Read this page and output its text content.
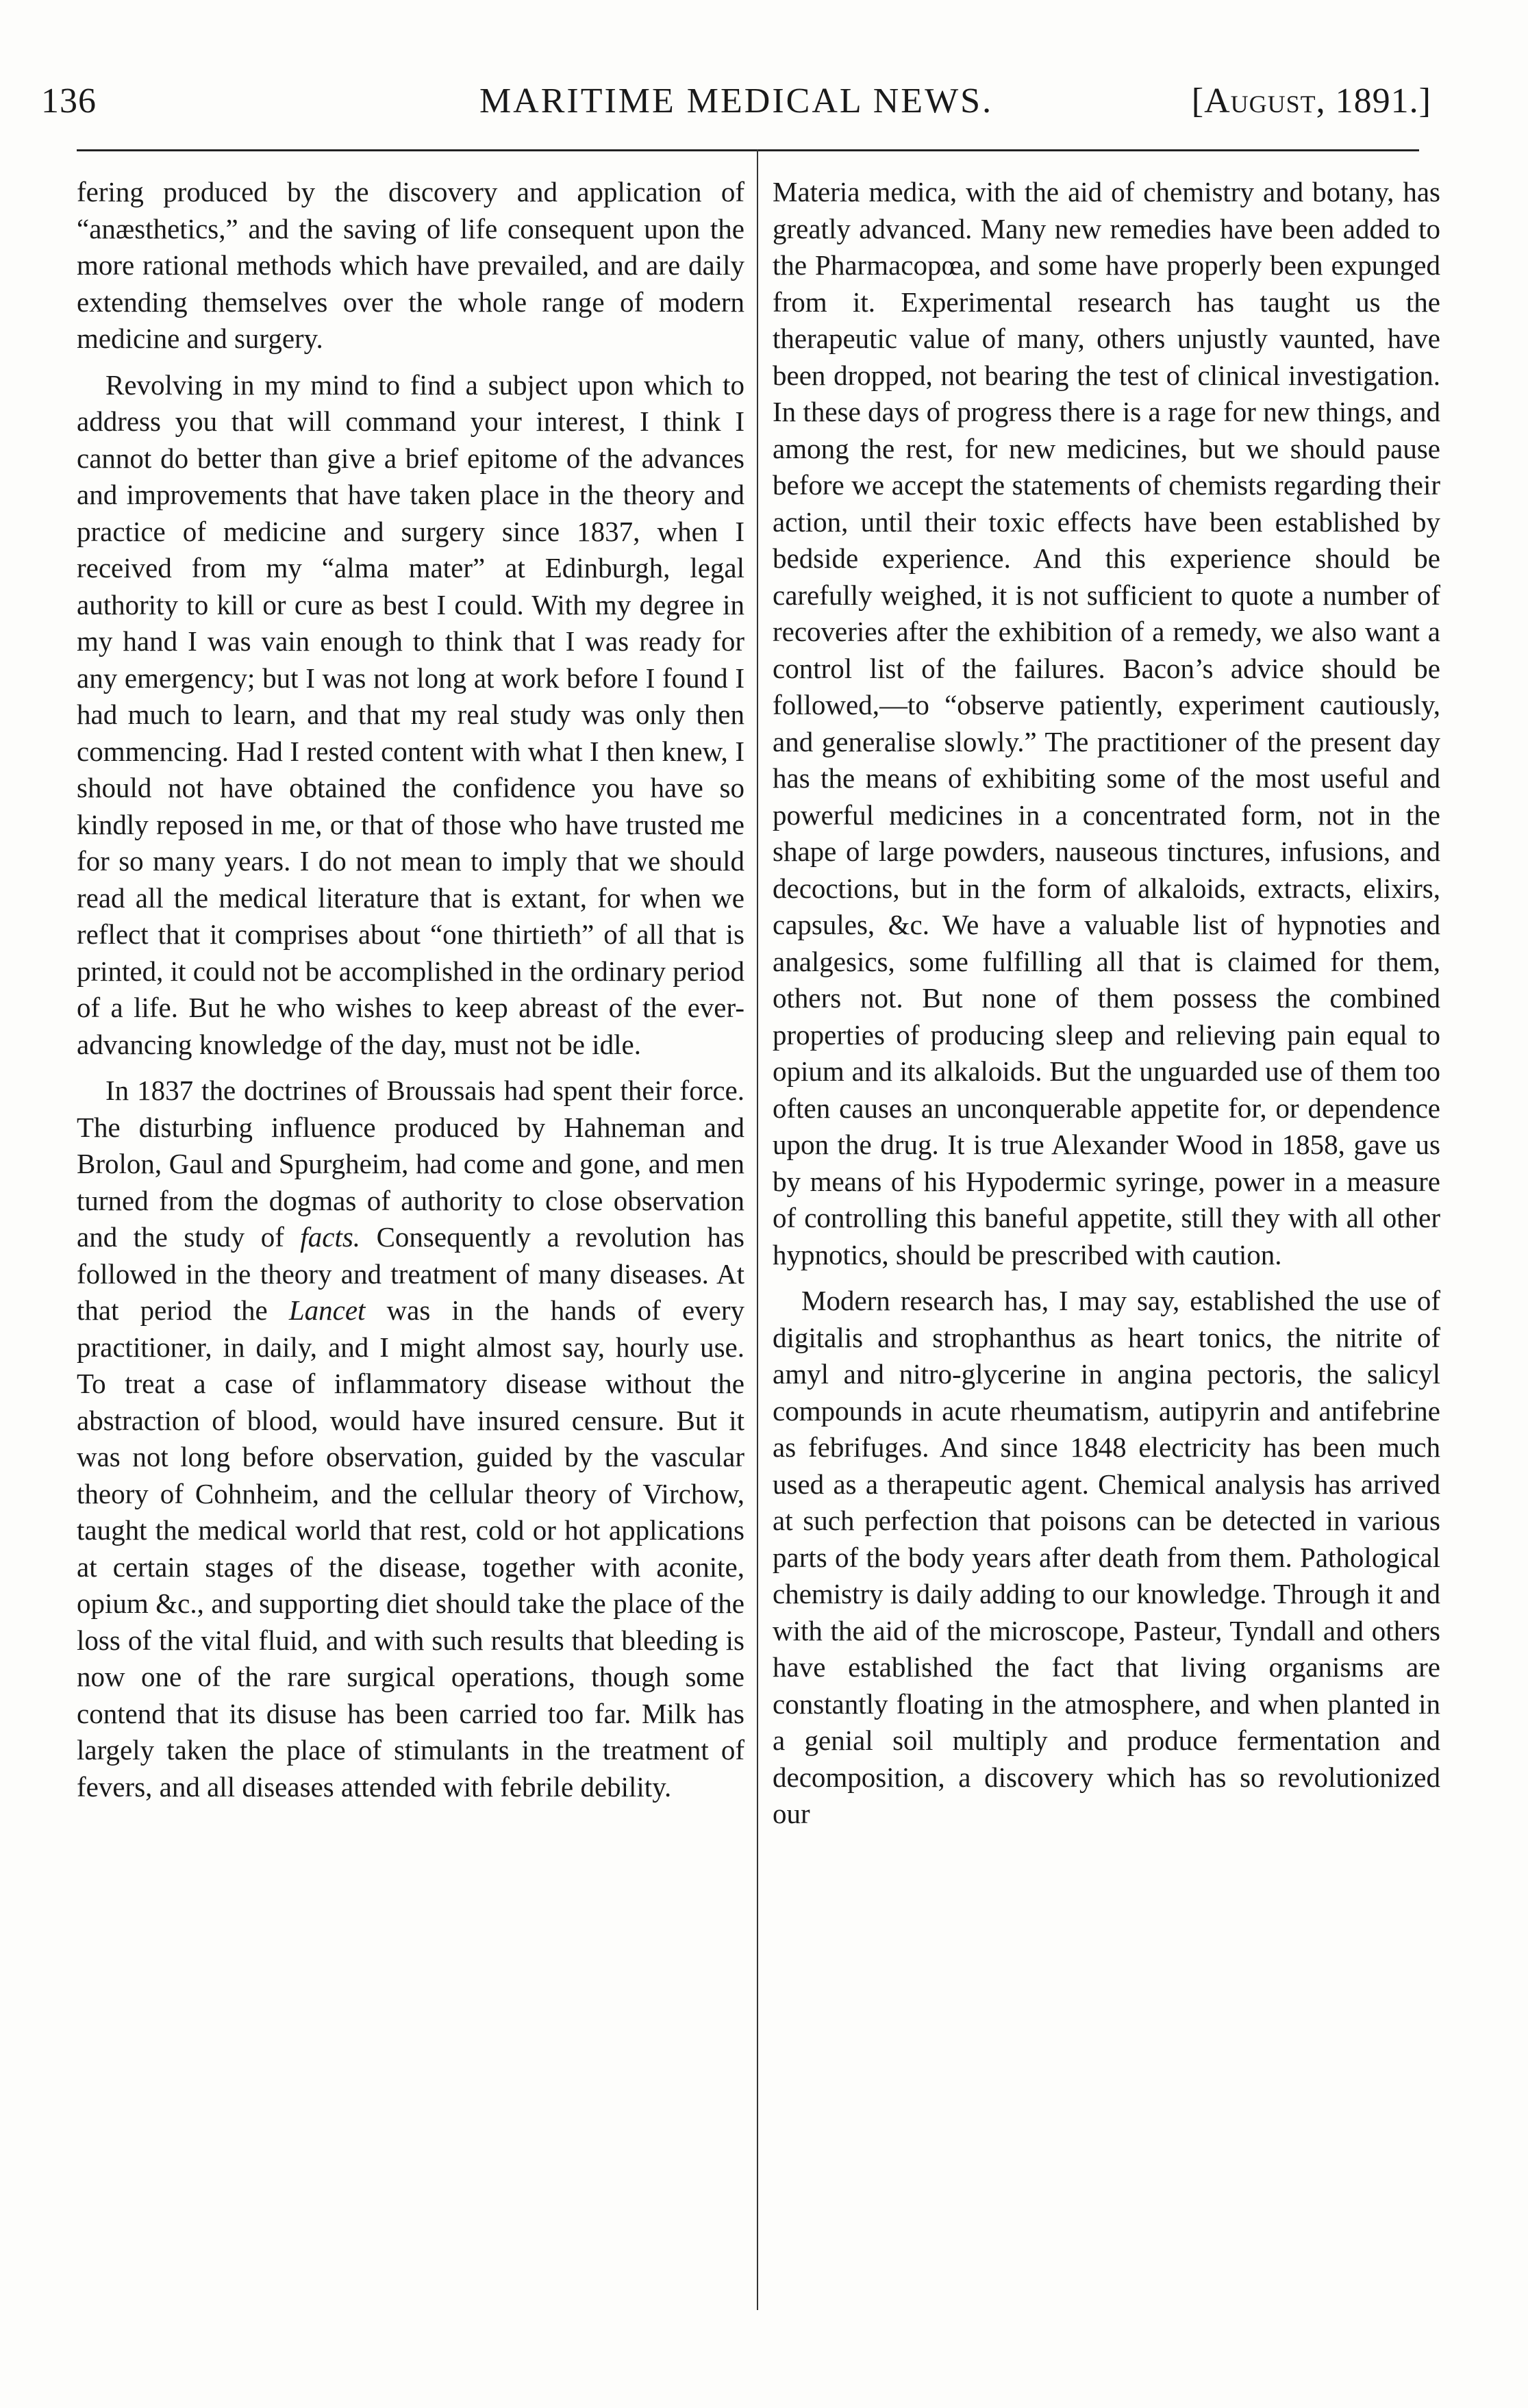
136	MARITIME MEDICAL NEWS.	[August, 1891.]

fering produced by the discovery and application of “anæsthetics,” and the saving of life consequent upon the more rational methods which have prevailed, and are daily extending themselves over the whole range of modern medicine and surgery.

Revolving in my mind to find a subject upon which to address you that will command your interest, I think I cannot do better than give a brief epitome of the advances and improvements that have taken place in the theory and practice of medicine and surgery since 1837, when I received from my “alma mater” at Edinburgh, legal authority to kill or cure as best I could. With my degree in my hand I was vain enough to think that I was ready for any emergency; but I was not long at work before I found I had much to learn, and that my real study was only then commencing. Had I rested content with what I then knew, I should not have obtained the confidence you have so kindly reposed in me, or that of those who have trusted me for so many years. I do not mean to imply that we should read all the medical literature that is extant, for when we reflect that it comprises about “one thirtieth” of all that is printed, it could not be accomplished in the ordinary period of a life. But he who wishes to keep abreast of the ever-advancing knowledge of the day, must not be idle.

In 1837 the doctrines of Broussais had spent their force. The disturbing influence produced by Hahneman and Brolon, Gaul and Spurgheim, had come and gone, and men turned from the dogmas of authority to close observation and the study of facts. Consequently a revolution has followed in the theory and treatment of many diseases. At that period the Lancet was in the hands of every practitioner, in daily, and I might almost say, hourly use. To treat a case of inflammatory disease without the abstraction of blood, would have insured censure. But it was not long before observation, guided by the vascular theory of Cohnheim, and the cellular theory of Virchow, taught the medical world that rest, cold or hot applications at certain stages of the disease, together with aconite, opium &c., and supporting diet should take the place of the loss of the vital fluid, and with such results that bleeding is now one of the rare surgical operations, though some contend that its disuse has been carried too far. Milk has largely taken the place of stimulants in the treatment of fevers, and all diseases attended with febrile debility.

Materia medica, with the aid of chemistry and botany, has greatly advanced. Many new remedies have been added to the Pharmacopœa, and some have properly been expunged from it. Experimental research has taught us the therapeutic value of many, others unjustly vaunted, have been dropped, not bearing the test of clinical investigation. In these days of progress there is a rage for new things, and among the rest, for new medicines, but we should pause before we accept the statements of chemists regarding their action, until their toxic effects have been established by bedside experience. And this experience should be carefully weighed, it is not sufficient to quote a number of recoveries after the exhibition of a remedy, we also want a control list of the failures. Bacon’s advice should be followed,—to “observe patiently, experiment cautiously, and generalise slowly.” The practitioner of the present day has the means of exhibiting some of the most useful and powerful medicines in a concentrated form, not in the shape of large powders, nauseous tinctures, infusions, and decoctions, but in the form of alkaloids, extracts, elixirs, capsules, &c. We have a valuable list of hypnoties and analgesics, some fulfilling all that is claimed for them, others not. But none of them possess the combined properties of producing sleep and relieving pain equal to opium and its alkaloids. But the unguarded use of them too often causes an unconquerable appetite for, or dependence upon the drug. It is true Alexander Wood in 1858, gave us by means of his Hypodermic syringe, power in a measure of controlling this baneful appetite, still they with all other hypnotics, should be prescribed with caution.

Modern research has, I may say, established the use of digitalis and strophanthus as heart tonics, the nitrite of amyl and nitro-glycerine in angina pectoris, the salicyl compounds in acute rheumatism, autipyrin and antifebrine as febrifuges. And since 1848 electricity has been much used as a therapeutic agent. Chemical analysis has arrived at such perfection that poisons can be detected in various parts of the body years after death from them. Pathological chemistry is daily adding to our knowledge. Through it and with the aid of the microscope, Pasteur, Tyndall and others have established the fact that living organisms are constantly floating in the atmosphere, and when planted in a genial soil multiply and produce fermentation and decomposition, a discovery which has so revolutionized our
